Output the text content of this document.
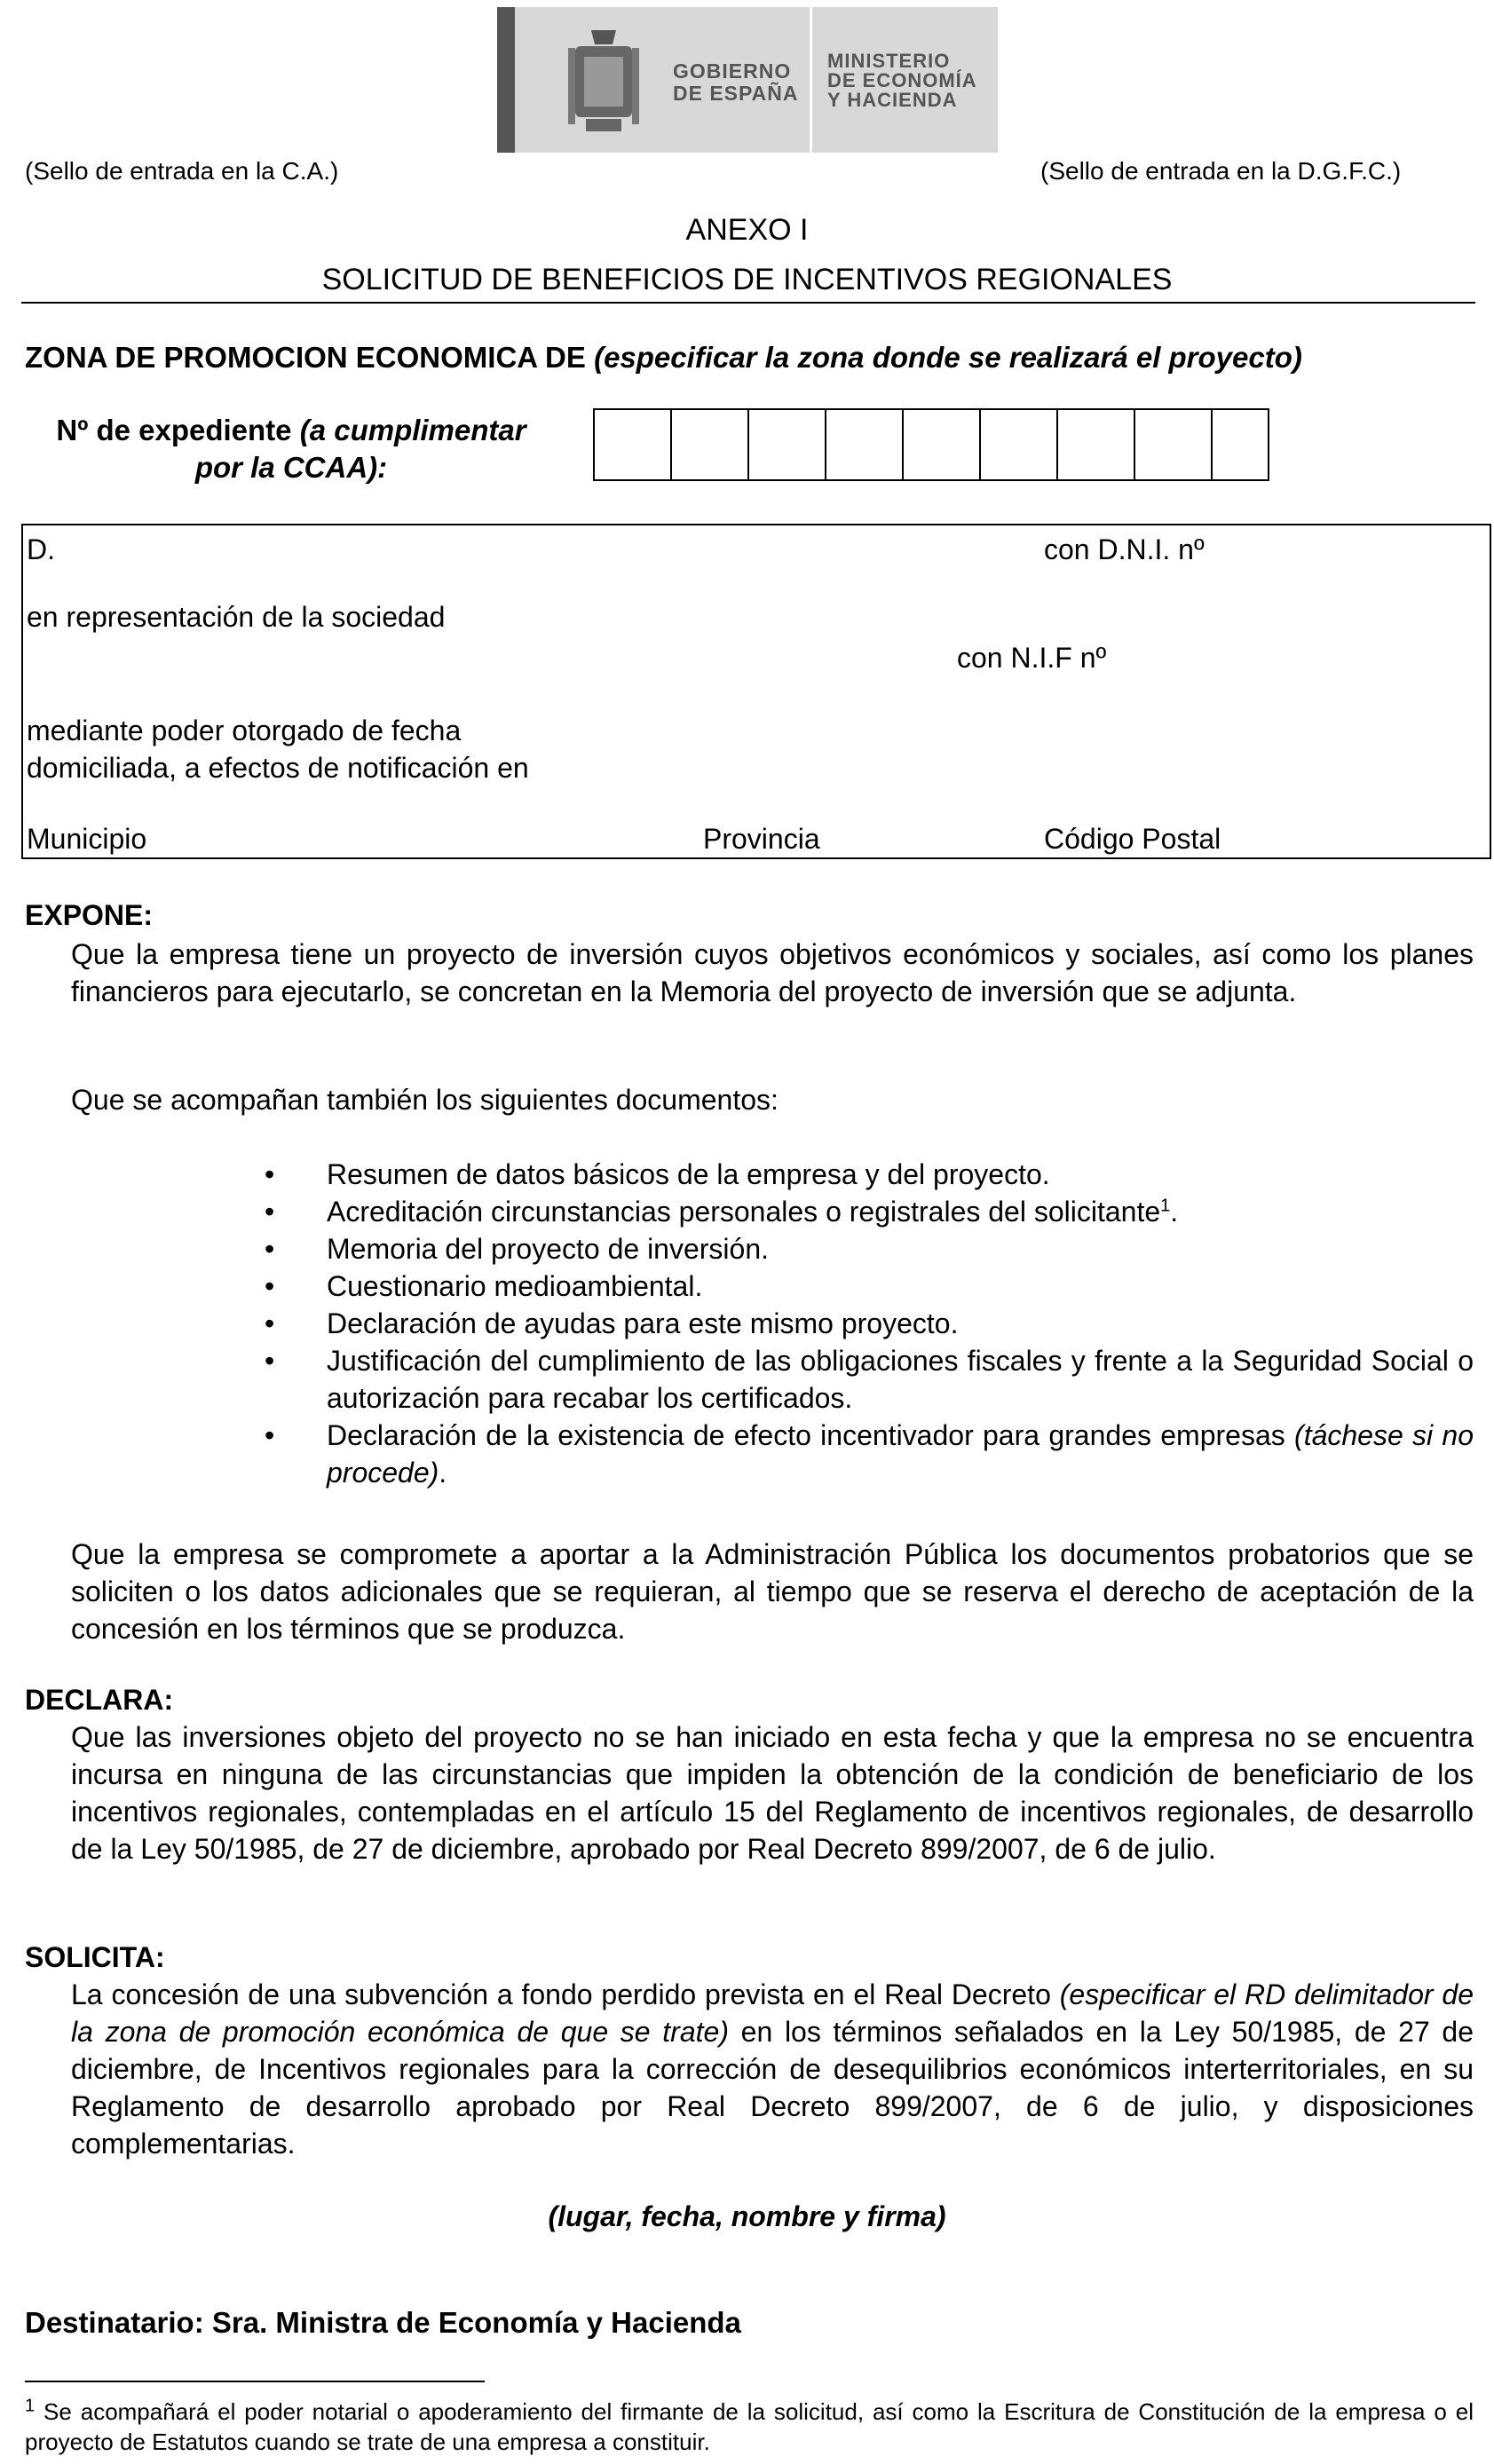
GOBIERNO
DE ESPAÑA
MINISTERIO
DE ECONOMÍA
Y HACIENDA
(Sello de entrada en la C.A.)	(Sello de entrada en la D.G.F.C.)
ANEXO I
SOLICITUD DE BENEFICIOS DE INCENTIVOS REGIONALES
ZONA DE PROMOCION ECONOMICA DE (especificar la zona donde se realizará el proyecto)
Nº de expediente (a cumplimentar
por la CCAA):
D.	con D.N.I. nº
en representación de la sociedad
con N.I.F nº
mediante poder otorgado de fecha
domiciliada, a efectos de notificación en
Municipio	Provincia	Código Postal
EXPONE:
Que la empresa tiene un proyecto de inversión cuyos objetivos económicos y sociales, así como los planes financieros para ejecutarlo, se concretan en la Memoria del proyecto de inversión que se adjunta.
Que se acompañan también los siguientes documentos:
• Resumen de datos básicos de la empresa y del proyecto.
• Acreditación circunstancias personales o registrales del solicitante$^1$.
• Memoria del proyecto de inversión.
• Cuestionario medioambiental.
• Declaración de ayudas para este mismo proyecto.
• Justificación del cumplimiento de las obligaciones fiscales y frente a la Seguridad Social o autorización para recabar los certificados.
• Declaración de la existencia de efecto incentivador para grandes empresas (táchese si no procede).
Que la empresa se compromete a aportar a la Administración Pública los documentos probatorios que se soliciten o los datos adicionales que se requieran, al tiempo que se reserva el derecho de aceptación de la concesión en los términos que se produzca.
DECLARA:
Que las inversiones objeto del proyecto no se han iniciado en esta fecha y que la empresa no se encuentra incursa en ninguna de las circunstancias que impiden la obtención de la condición de beneficiario de los incentivos regionales, contempladas en el artículo 15 del Reglamento de incentivos regionales, de desarrollo de la Ley 50/1985, de 27 de diciembre, aprobado por Real Decreto 899/2007, de 6 de julio.
SOLICITA:
La concesión de una subvención a fondo perdido prevista en el Real Decreto (especificar el RD delimitador de la zona de promoción económica de que se trate) en los términos señalados en la Ley 50/1985, de 27 de diciembre, de Incentivos regionales para la corrección de desequilibrios económicos interterritoriales, en su Reglamento de desarrollo aprobado por Real Decreto 899/2007, de 6 de julio, y disposiciones complementarias.
(lugar, fecha, nombre y firma)
Destinatario: Sra. Ministra de Economía y Hacienda
$^1$ Se acompañará el poder notarial o apoderamiento del firmante de la solicitud, así como la Escritura de Constitución de la empresa o el proyecto de Estatutos cuando se trate de una empresa a constituir.
